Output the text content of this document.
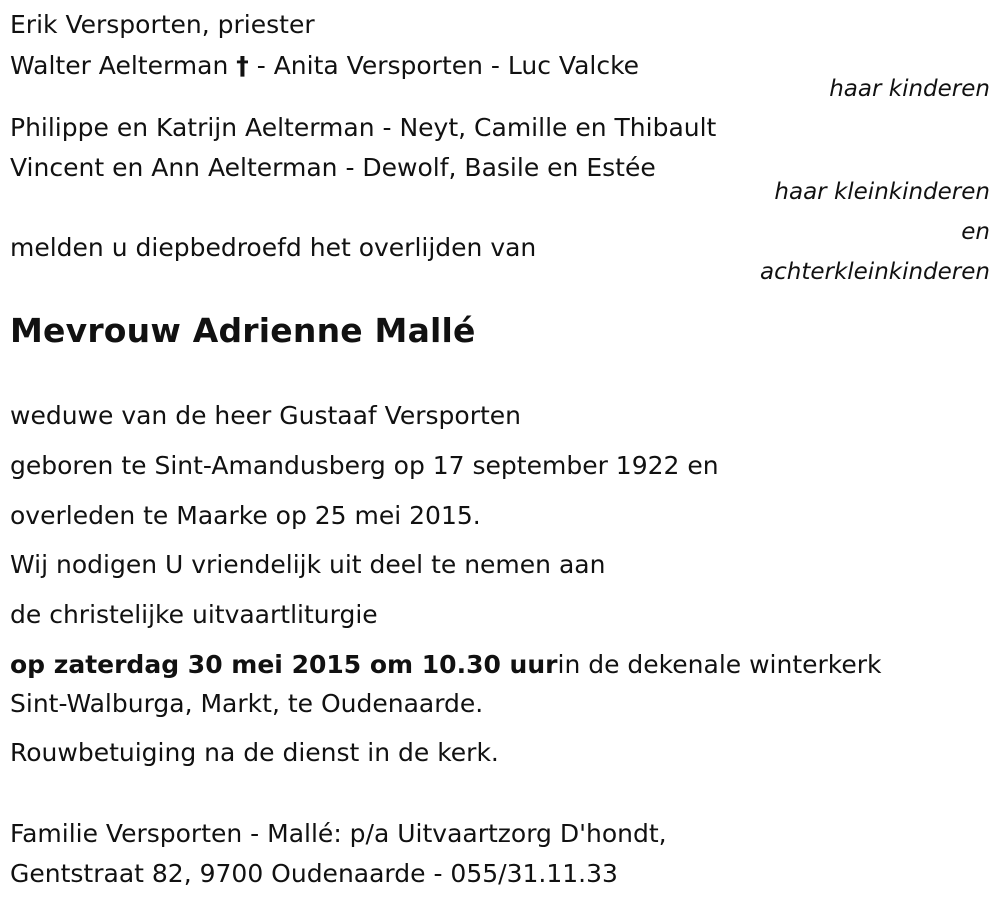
Erik Versporten, priester
Walter Aelterman † - Anita Versporten - Luc Valcke
haar kinderen
Philippe en Katrijn Aelterman - Neyt, Camille en Thibault
Vincent en Ann Aelterman - Dewolf, Basile en Estée
haar kleinkinderen
en
achterkleinkinderen
melden u diepbedroefd het overlijden van
Mevrouw Adrienne Mallé
weduwe van de heer Gustaaf Versporten
geboren te Sint-Amandusberg op 17 september 1922 en
overleden te Maarke op 25 mei 2015.
Wij nodigen U vriendelijk uit deel te nemen aan
de christelijke uitvaartliturgie
op zaterdag 30 mei 2015 om 10.30 uurin de dekenale winterkerk
Sint-Walburga, Markt, te Oudenaarde.
Rouwbetuiging na de dienst in de kerk.
Familie Versporten - Mallé: p/a Uitvaartzorg D'hondt,
Gentstraat 82, 9700 Oudenaarde - 055/31.11.33
